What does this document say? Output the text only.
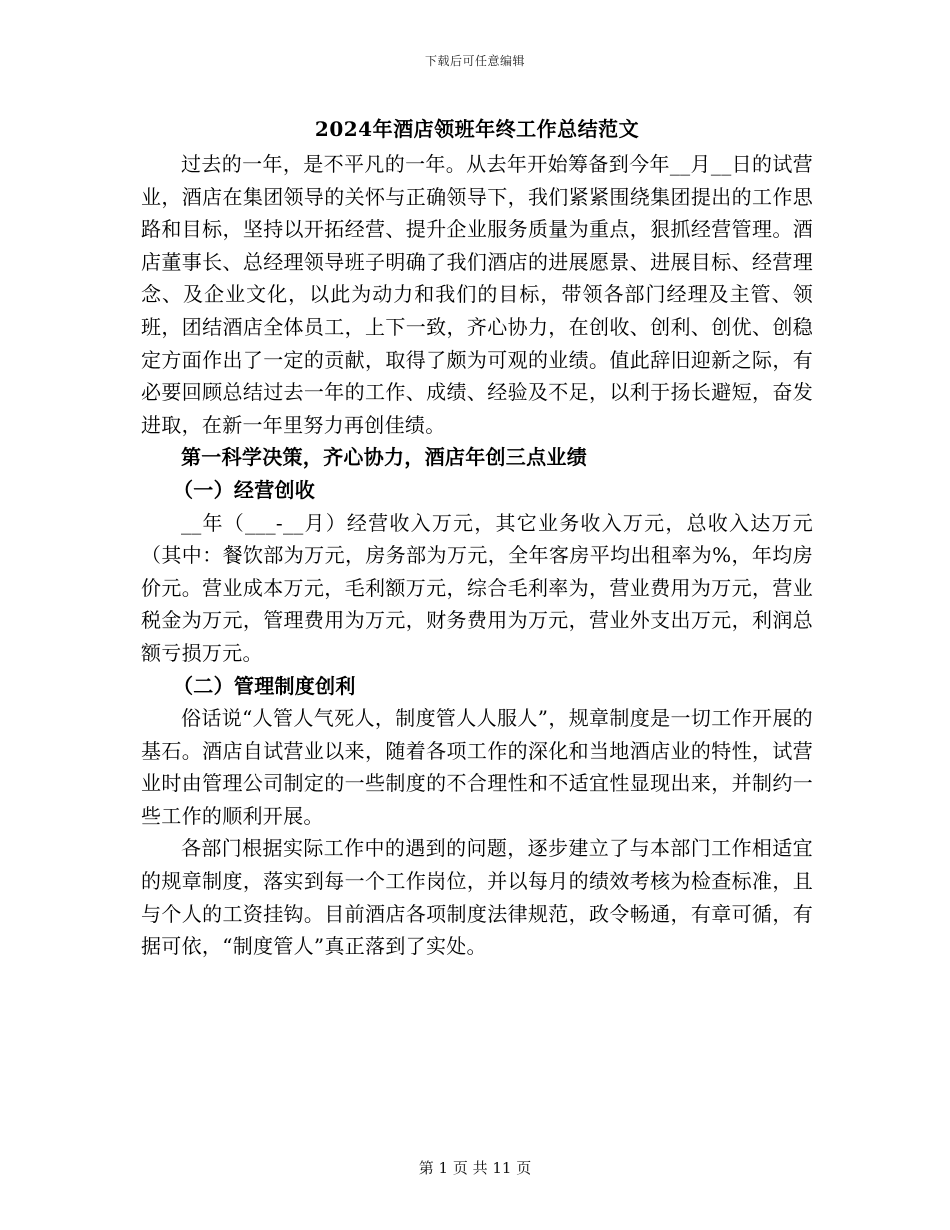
下载后可任意编辑
2024年酒店领班年终工作总结范文

过去的一年，是不平凡的一年。从去年开始筹备到今年__月__日的试营业，酒店在集团领导的关怀与正确领导下，我们紧紧围绕集团提出的工作思路和目标，坚持以开拓经营、提升企业服务质量为重点，狠抓经营管理。酒店董事长、总经理领导班子明确了我们酒店的进展愿景、进展目标、经营理念、及企业文化，以此为动力和我们的目标，带领各部门经理及主管、领班，团结酒店全体员工，上下一致，齐心协力，在创收、创利、创优、创稳定方面作出了一定的贡献，取得了颇为可观的业绩。值此辞旧迎新之际，有必要回顾总结过去一年的工作、成绩、经验及不足，以利于扬长避短，奋发进取，在新一年里努力再创佳绩。

第一科学决策，齐心协力，酒店年创三点业绩

（一）经营创收

__年（___-__月）经营收入万元，其它业务收入万元，总收入达万元（其中：餐饮部为万元，房务部为万元，全年客房平均出租率为%，年均房价元。营业成本万元，毛利额万元，综合毛利率为，营业费用为万元，营业税金为万元，管理费用为万元，财务费用为万元，营业外支出万元，利润总额亏损万元。

（二）管理制度创利

俗话说“人管人气死人，制度管人人服人”，规章制度是一切工作开展的基石。酒店自试营业以来，随着各项工作的深化和当地酒店业的特性，试营业时由管理公司制定的一些制度的不合理性和不适宜性显现出来，并制约一些工作的顺利开展。

各部门根据实际工作中的遇到的问题，逐步建立了与本部门工作相适宜的规章制度，落实到每一个工作岗位，并以每月的绩效考核为检查标准，且与个人的工资挂钩。目前酒店各项制度法律规范，政令畅通，有章可循，有据可依，“制度管人”真正落到了实处。

第 1 页 共 11 页
